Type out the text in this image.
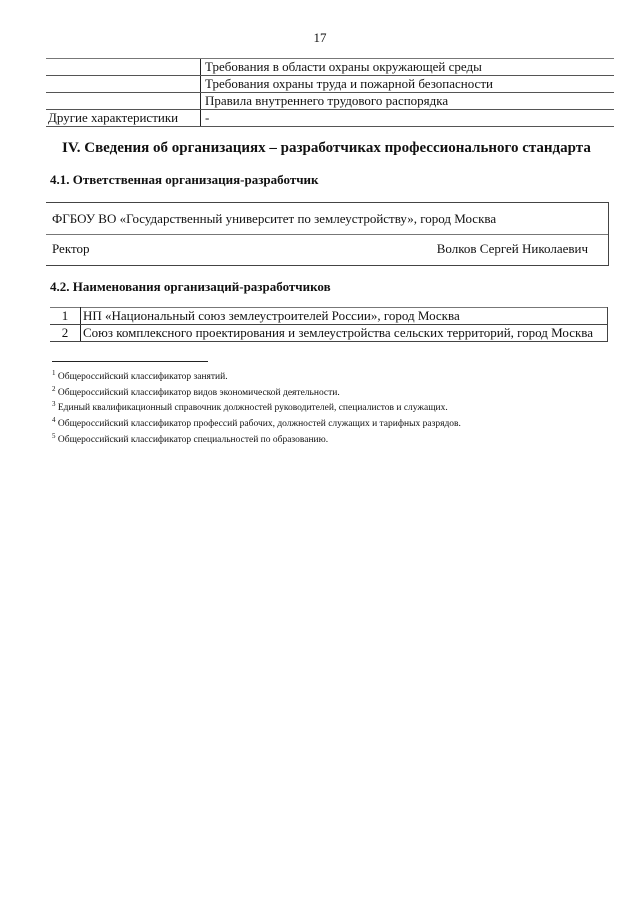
17
	Требования в области охраны окружающей среды
	Требования охраны труда и пожарной безопасности
	Правила внутреннего трудового распорядка
Другие характеристики	-
IV. Сведения об организациях – разработчиках профессионального стандарта
4.1. Ответственная организация-разработчик
ФГБОУ ВО «Государственный университет по землеустройству», город Москва
Ректор	Волков Сергей Николаевич
4.2. Наименования организаций-разработчиков
1	НП «Национальный союз землеустроителей России», город Москва
2	Союз комплексного проектирования и землеустройства сельских территорий, город Москва
$^1$ Общероссийский классификатор занятий.
$^2$ Общероссийский классификатор видов экономической деятельности.
$^3$ Единый квалификационный справочник должностей руководителей, специалистов и служащих.
$^4$ Общероссийский классификатор профессий рабочих, должностей служащих и тарифных разрядов.
$^5$ Общероссийский классификатор специальностей по образованию.
